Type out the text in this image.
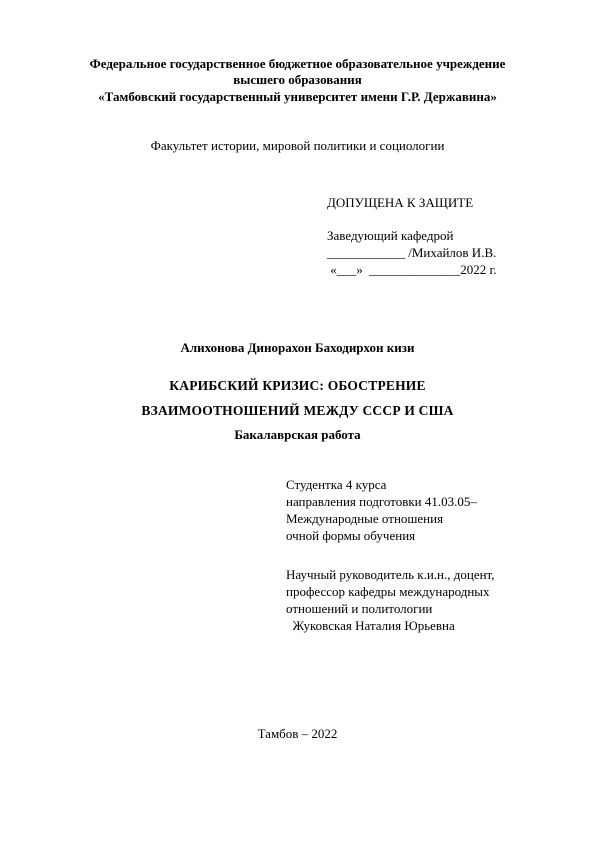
Федеральное государственное бюджетное образовательное учреждение
высшего образования
«Тамбовский государственный университет имени Г.Р. Державина»
Факультет истории, мировой политики и социологии
ДОПУЩЕНА К ЗАЩИТЕ
Заведующий кафедрой
____________ /Михайлов И.В.
«___»  ______________2022 г.
Алихонова Динорахон Баходирхон кизи
КАРИБСКИЙ КРИЗИС: ОБОСТРЕНИЕ
ВЗАИМООТНОШЕНИЙ МЕЖДУ СССР И США
Бакалаврская работа
Студентка 4 курса
направления подготовки 41.03.05–
Международные отношения
очной формы обучения
Научный руководитель к.и.н., доцент,
профессор кафедры международных
отношений и политологии
Жуковская Наталия Юрьевна
Тамбов – 2022
